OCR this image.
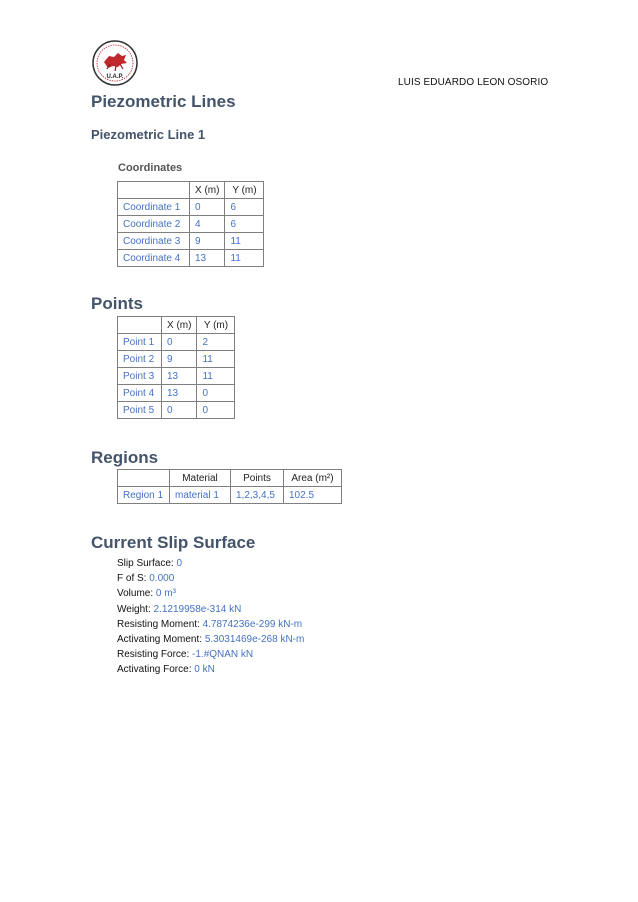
U.A.P.	LUIS EDUARDO LEON OSORIO
Piezometric Lines
Piezometric Line 1
Coordinates
	X (m)	Y (m)
Coordinate 1	0	6
Coordinate 2	4	6
Coordinate 3	9	11
Coordinate 4	13	11
Points
	X (m)	Y (m)
Point 1	0	2
Point 2	9	11
Point 3	13	11
Point 4	13	0
Point 5	0	0
Regions
	Material	Points	Area (m²)
Region 1	material 1	1,2,3,4,5	102.5
Current Slip Surface
Slip Surface: 0
F of S: 0.000
Volume: 0 m³
Weight: 2.1219958e-314 kN
Resisting Moment: 4.7874236e-299 kN-m
Activating Moment: 5.3031469e-268 kN-m
Resisting Force: -1.#QNAN kN
Activating Force: 0 kN
